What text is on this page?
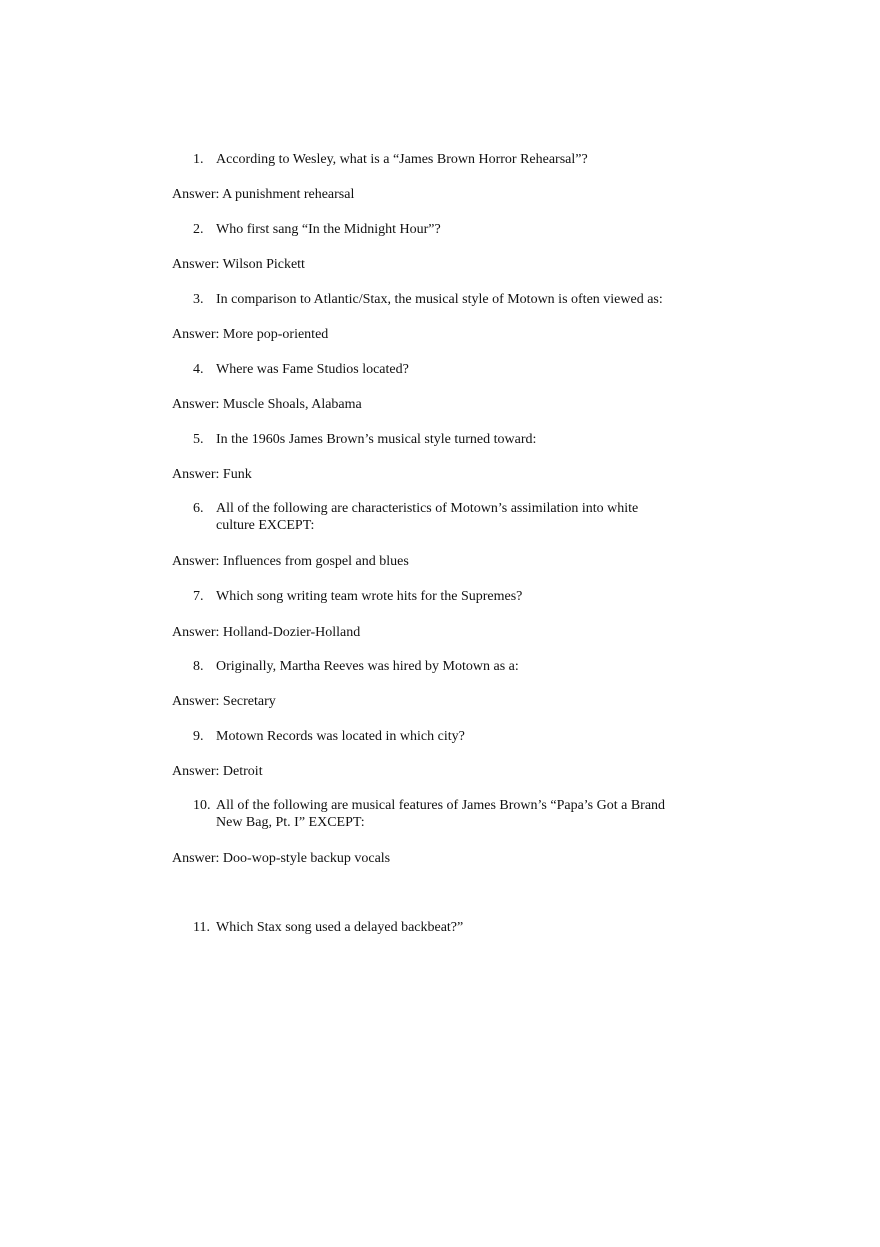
1. According to Wesley, what is a “James Brown Horror Rehearsal”?
Answer: A punishment rehearsal
2. Who first sang “In the Midnight Hour”?
Answer: Wilson Pickett
3. In comparison to Atlantic/Stax, the musical style of Motown is often viewed as:
Answer: More pop-oriented
4. Where was Fame Studios located?
Answer: Muscle Shoals, Alabama
5. In the 1960s James Brown’s musical style turned toward:
Answer: Funk
6. All of the following are characteristics of Motown’s assimilation into white
culture EXCEPT:
Answer: Influences from gospel and blues
7. Which song writing team wrote hits for the Supremes?
Answer: Holland-Dozier-Holland
8. Originally, Martha Reeves was hired by Motown as a:
Answer: Secretary
9. Motown Records was located in which city?
Answer: Detroit
10. All of the following are musical features of James Brown’s “Papa’s Got a Brand
New Bag, Pt. I” EXCEPT:
Answer: Doo-wop-style backup vocals
11. Which Stax song used a delayed backbeat?”
